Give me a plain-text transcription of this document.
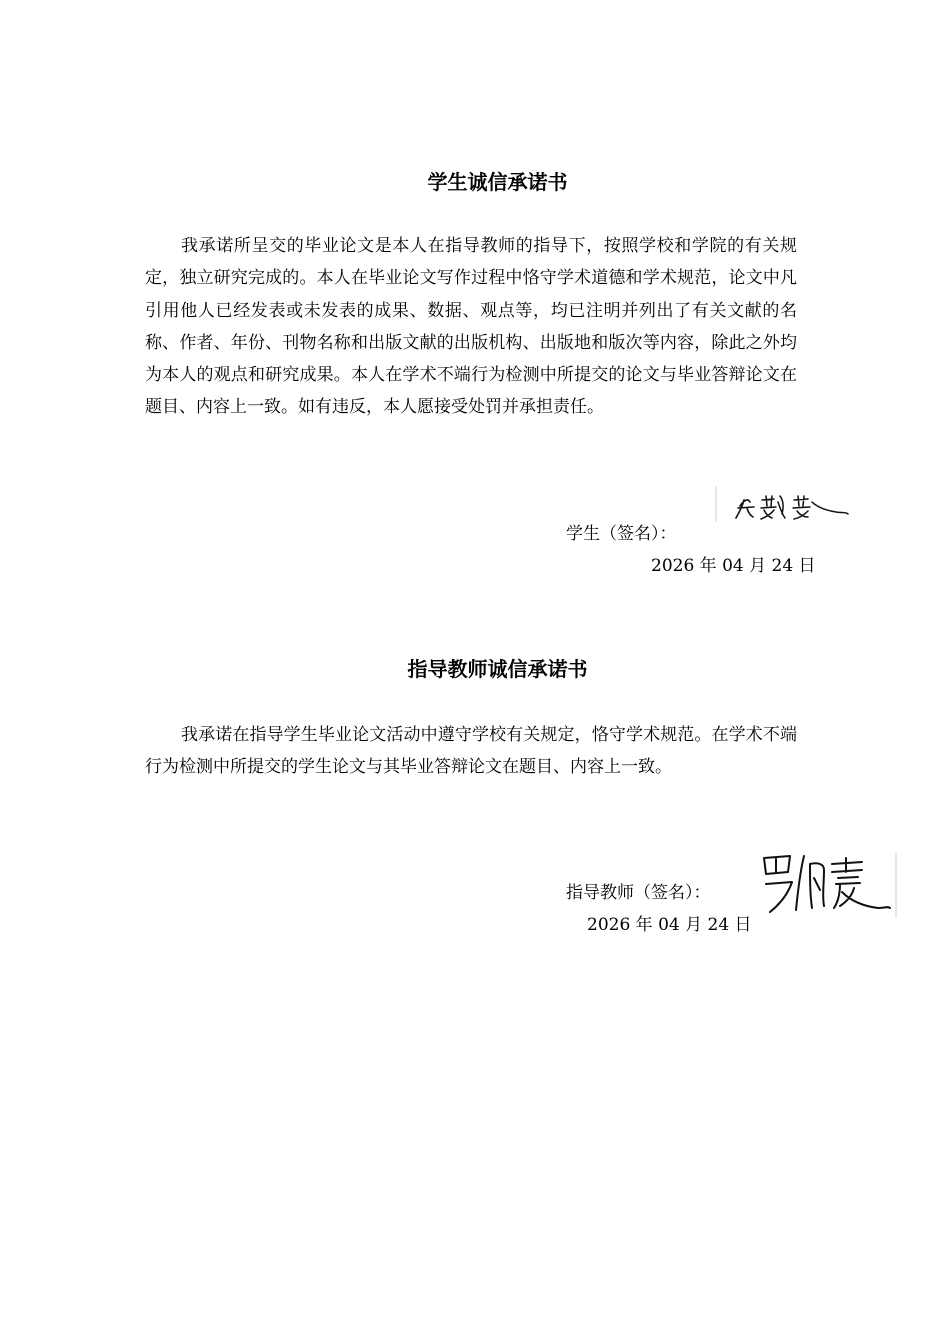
学生诚信承诺书

我承诺所呈交的毕业论文是本人在指导教师的指导下，按照学校和学院的有关规定，独立研究完成的。本人在毕业论文写作过程中恪守学术道德和学术规范，论文中凡引用他人已经发表或未发表的成果、数据、观点等，均已注明并列出了有关文献的名称、作者、年份、刊物名称和出版文献的出版机构、出版地和版次等内容，除此之外均为本人的观点和研究成果。本人在学术不端行为检测中所提交的论文与毕业答辩论文在题目、内容上一致。如有违反，本人愿接受处罚并承担责任。

学生（签名）：
2026 年 04 月 24 日
指导教师诚信承诺书

我承诺在指导学生毕业论文活动中遵守学校有关规定，恪守学术规范。在学术不端行为检测中所提交的学生论文与其毕业答辩论文在题目、内容上一致。

指导教师（签名）：
2026 年 04 月 24 日
